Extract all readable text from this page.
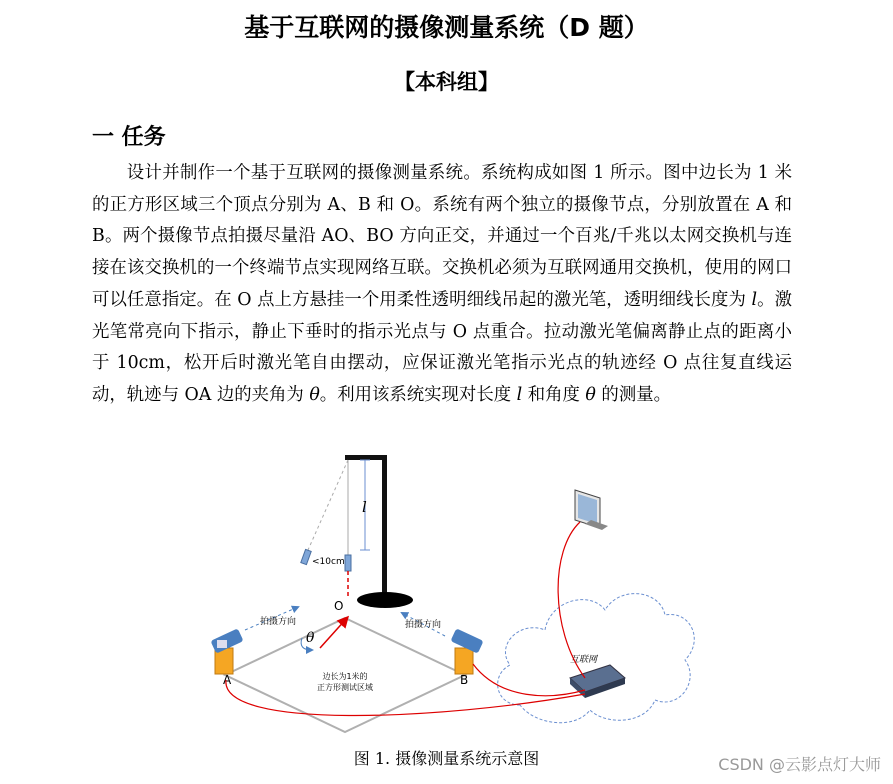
基于互联网的摄像测量系统（D 题）
【本科组】
一 任务

设计并制作一个基于互联网的摄像测量系统。系统构成如图 1 所示。图中边长为 1 米的正方形区域三个顶点分别为 A、B 和 O。系统有两个独立的摄像节点，分别放置在 A 和 B。两个摄像节点拍摄尽量沿 AO、BO 方向正交，并通过一个百兆/千兆以太网交换机与连接在该交换机的一个终端节点实现网络互联。交换机必须为互联网通用交换机，使用的网口可以任意指定。在 O 点上方悬挂一个用柔性透明细线吊起的激光笔，透明细线长度为 l。激光笔常亮向下指示，静止下垂时的指示光点与 O 点重合。拉动激光笔偏离静止点的距离小于 10cm，松开后时激光笔自由摆动，应保证激光笔指示光点的轨迹经 O 点往复直线运动，轨迹与 OA 边的夹角为 θ。利用该系统实现对长度 l 和角度 θ 的测量。

l
<10cm
O
θ
拍摄方向	拍摄方向
A	B
边长为1米的
正方形测试区域
互联网
图 1. 摄像测量系统示意图	CSDN @云影点灯大师
